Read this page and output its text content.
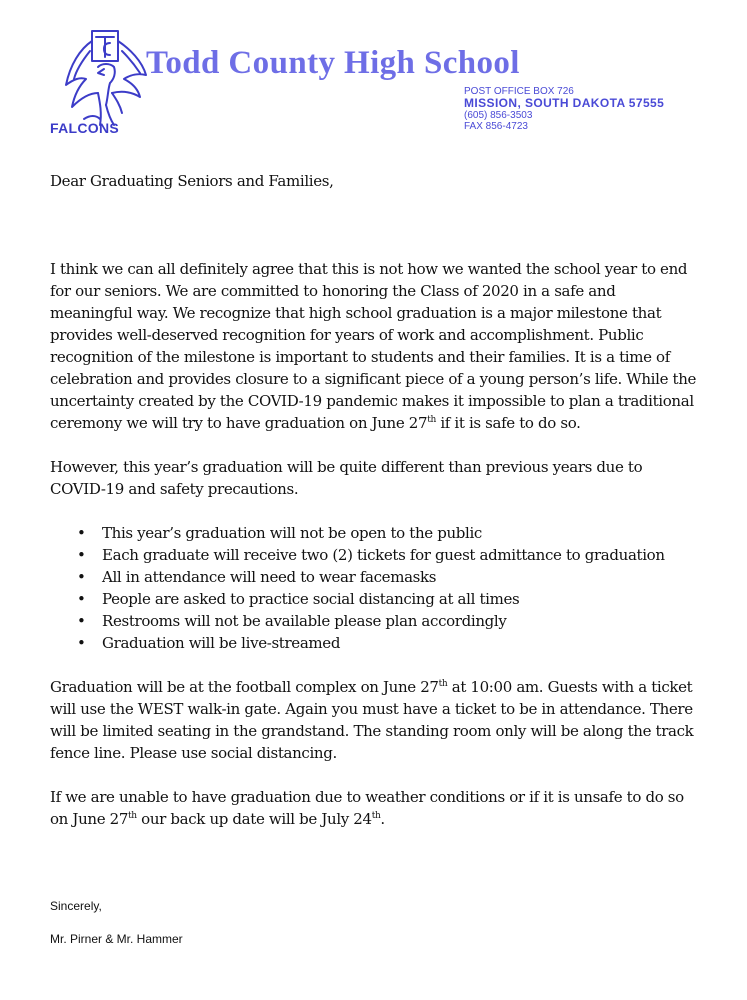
FALCONS
Todd County High School
POST OFFICE BOX 726
MISSION, SOUTH DAKOTA 57555
(605) 856-3503
FAX 856-4723

Dear Graduating Seniors and Families,

I think we can all definitely agree that this is not how we wanted the school year to end for our seniors. We are committed to honoring the Class of 2020 in a safe and meaningful way. We recognize that high school graduation is a major milestone that provides well-deserved recognition for years of work and accomplishment. Public recognition of the milestone is important to students and their families. It is a time of celebration and provides closure to a significant piece of a young person’s life. While the uncertainty created by the COVID-19 pandemic makes it impossible to plan a traditional ceremony we will try to have graduation on June 27th if it is safe to do so.

However, this year’s graduation will be quite different than previous years due to COVID-19 and safety precautions.

• This year’s graduation will not be open to the public
• Each graduate will receive two (2) tickets for guest admittance to graduation
• All in attendance will need to wear facemasks
• People are asked to practice social distancing at all times
• Restrooms will not be available please plan accordingly
• Graduation will be live-streamed

Graduation will be at the football complex on June 27th at 10:00 am. Guests with a ticket will use the WEST walk-in gate. Again you must have a ticket to be in attendance. There will be limited seating in the grandstand. The standing room only will be along the track fence line. Please use social distancing.

If we are unable to have graduation due to weather conditions or if it is unsafe to do so on June 27th our back up date will be July 24th.

Sincerely,
Mr. Pirner & Mr. Hammer
